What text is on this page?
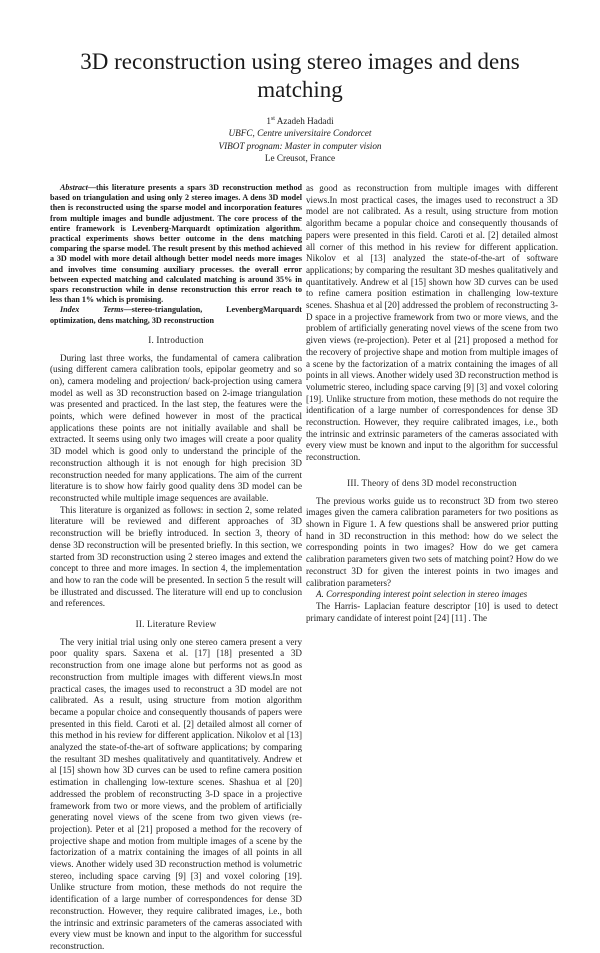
3D reconstruction using stereo images and dens matching
1st Azadeh Hadadi
UBFC, Centre universitaire Condorcet
VIBOT prognam: Master in computer vision
Le Creusot, France

Abstract—this literature presents a spars 3D reconstruction method based on triangulation and using only 2 stereo images. A dens 3D model then is reconstructed using the sparse model and incorporation features from multiple images and bundle adjustment. The core process of the entire framework is Levenberg-Marquardt optimization algorithm. practical experiments shows better outcome in the dens matching comparing the sparse model. The result present by this method achieved a 3D model with more detail although better model needs more images and involves time consuming auxiliary processes. the overall error between expected matching and calculated matching is around 35% in spars reconstruction while in dense reconstruction this error reach to less than 1% which is promising.

Index Terms—stereo-triangulation, LevenbergMarquardt optimization, dens matching, 3D reconstruction

I. Introduction

During last three works, the fundamental of camera calibration (using different camera calibration tools, epipolar geometry and so on), camera modeling and projection/ back-projection using camera model as well as 3D reconstruction based on 2-image triangulation was presented and practiced. In the last step, the features were the points, which were defined however in most of the practical applications these points are not initially available and shall be extracted. It seems using only two images will create a poor quality 3D model which is good only to understand the principle of the reconstruction although it is not enough for high precision 3D reconstruction needed for many applications. The aim of the current literature is to show how fairly good quality dens 3D model can be reconstructed while multiple image sequences are available.

This literature is organized as follows: in section 2, some related literature will be reviewed and different approaches of 3D reconstruction will be briefly introduced. In section 3, theory of dense 3D reconstruction will be presented briefly. In this section, we started from 3D reconstruction using 2 stereo images and extend the concept to three and more images. In section 4, the implementation and how to ran the code will be presented. In section 5 the result will be illustrated and discussed. The literature will end up to conclusion and references.

II. Literature Review

The very initial trial using only one stereo camera present a very poor quality spars. Saxena et al. [17] [18] presented a 3D reconstruction from one image alone but performs not as good as reconstruction from multiple images with different views.In most practical cases, the images used to reconstruct a 3D model are not calibrated. As a result, using structure from motion algorithm became a popular choice and consequently thousands of papers were presented in this field. Caroti et al. [2] detailed almost all corner of this method in his review for different application. Nikolov et al [13] analyzed the state-of-the-art of software applications; by comparing the resultant 3D meshes qualitatively and quantitatively. Andrew et al [15] shown how 3D curves can be used to refine camera position estimation in challenging low-texture scenes. Shashua et al [20] addressed the problem of reconstructing 3-D space in a projective framework from two or more views, and the problem of artificially generating novel views of the scene from two given views (re-projection). Peter et al [21] proposed a method for the recovery of projective shape and motion from multiple images of a scene by the factorization of a matrix containing the images of all points in all views. Another widely used 3D reconstruction method is volumetric stereo, including space carving [9] [3] and voxel coloring [19]. Unlike structure from motion, these methods do not require the identification of a large number of correspondences for dense 3D reconstruction. However, they require calibrated images, i.e., both the intrinsic and extrinsic parameters of the cameras associated with every view must be known and input to the algorithm for successful reconstruction.

as good as reconstruction from multiple images with different views.In most practical cases, the images used to reconstruct a 3D model are not calibrated. As a result, using structure from motion algorithm became a popular choice and consequently thousands of papers were presented in this field. Caroti et al. [2] detailed almost all corner of this method in his review for different application. Nikolov et al [13] analyzed the state-of-the-art of software applications; by comparing the resultant 3D meshes qualitatively and quantitatively. Andrew et al [15] shown how 3D curves can be used to refine camera position estimation in challenging low-texture scenes. Shashua et al [20] addressed the problem of reconstructing 3-D space in a projective framework from two or more views, and the problem of artificially generating novel views of the scene from two given views (re-projection). Peter et al [21] proposed a method for the recovery of projective shape and motion from multiple images of a scene by the factorization of a matrix containing the images of all points in all views. Another widely used 3D reconstruction method is volumetric stereo, including space carving [9] [3] and voxel coloring [19]. Unlike structure from motion, these methods do not require the identification of a large number of correspondences for dense 3D reconstruction. However, they require calibrated images, i.e., both the intrinsic and extrinsic parameters of the cameras associated with every view must be known and input to the algorithm for successful reconstruction.

III. Theory of dens 3D model reconstruction

The previous works guide us to reconstruct 3D from two stereo images given the camera calibration parameters for two positions as shown in Figure 1. A few questions shall be answered prior putting hand in 3D reconstruction in this method: how do we select the corresponding points in two images? How do we get camera calibration parameters given two sets of matching point? How do we reconstruct 3D for given the interest points in two images and calibration parameters?

A. Corresponding interest point selection in stereo images

The Harris- Laplacian feature descriptor [10] is used to detect primary candidate of interest point [24] [11] . The
